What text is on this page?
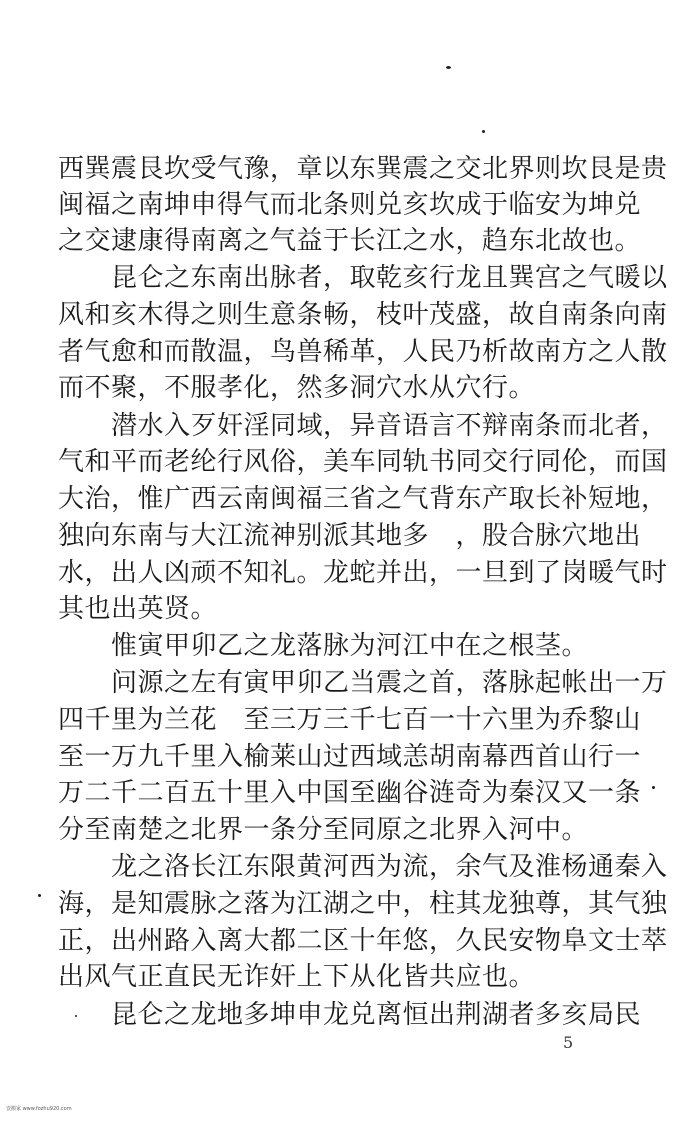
西巽震艮坎受气豫，章以东巽震之交北界则坎艮是贵
闽福之南坤申得气而北条则兑亥坎成于临安为坤兑
之交逮康得南离之气益于长江之水，趋东北故也。
　　昆仑之东南出脉者，取乾亥行龙且巽宫之气暖以
风和亥木得之则生意条畅，枝叶茂盛，故自南条向南
者气愈和而散温，鸟兽稀革，人民乃析故南方之人散
而不聚，不服孝化，然多洞穴水从穴行。
　　潜水入歹奸淫同域，异音语言不辩南条而北者，
气和平而老纶行风俗，美车同轨书同交行同伦，而国
大治，惟广西云南闽福三省之气背东产取长补短地，
独向东南与大江流神别派其地多　，股合脉穴地出
水，出人凶顽不知礼。龙蛇并出，一旦到了岗暖气时
其也出英贤。
　　惟寅甲卯乙之龙落脉为河江中在之根茎。
　　问源之左有寅甲卯乙当震之首，落脉起帐出一万
四千里为兰花　至三万三千七百一十六里为乔黎山
至一万九千里入榆莱山过西域恙胡南幕西首山行一
万二千二百五十里入中国至幽谷涟奇为秦汉又一条
分至南楚之北界一条分至同原之北界入河中。
　　龙之洛长江东限黄河西为流，余气及淮杨通秦入
海，是知震脉之落为江湖之中，柱其龙独尊，其气独
正，出州路入离大都二区十年悠，久民安物阜文士萃
出风气正直民无诈奸上下从化皆共应也。
　　昆仑之龙地多坤申龙兑离恒出荆湖者多亥局民
5
壹搬家 www.fozhu920.com
